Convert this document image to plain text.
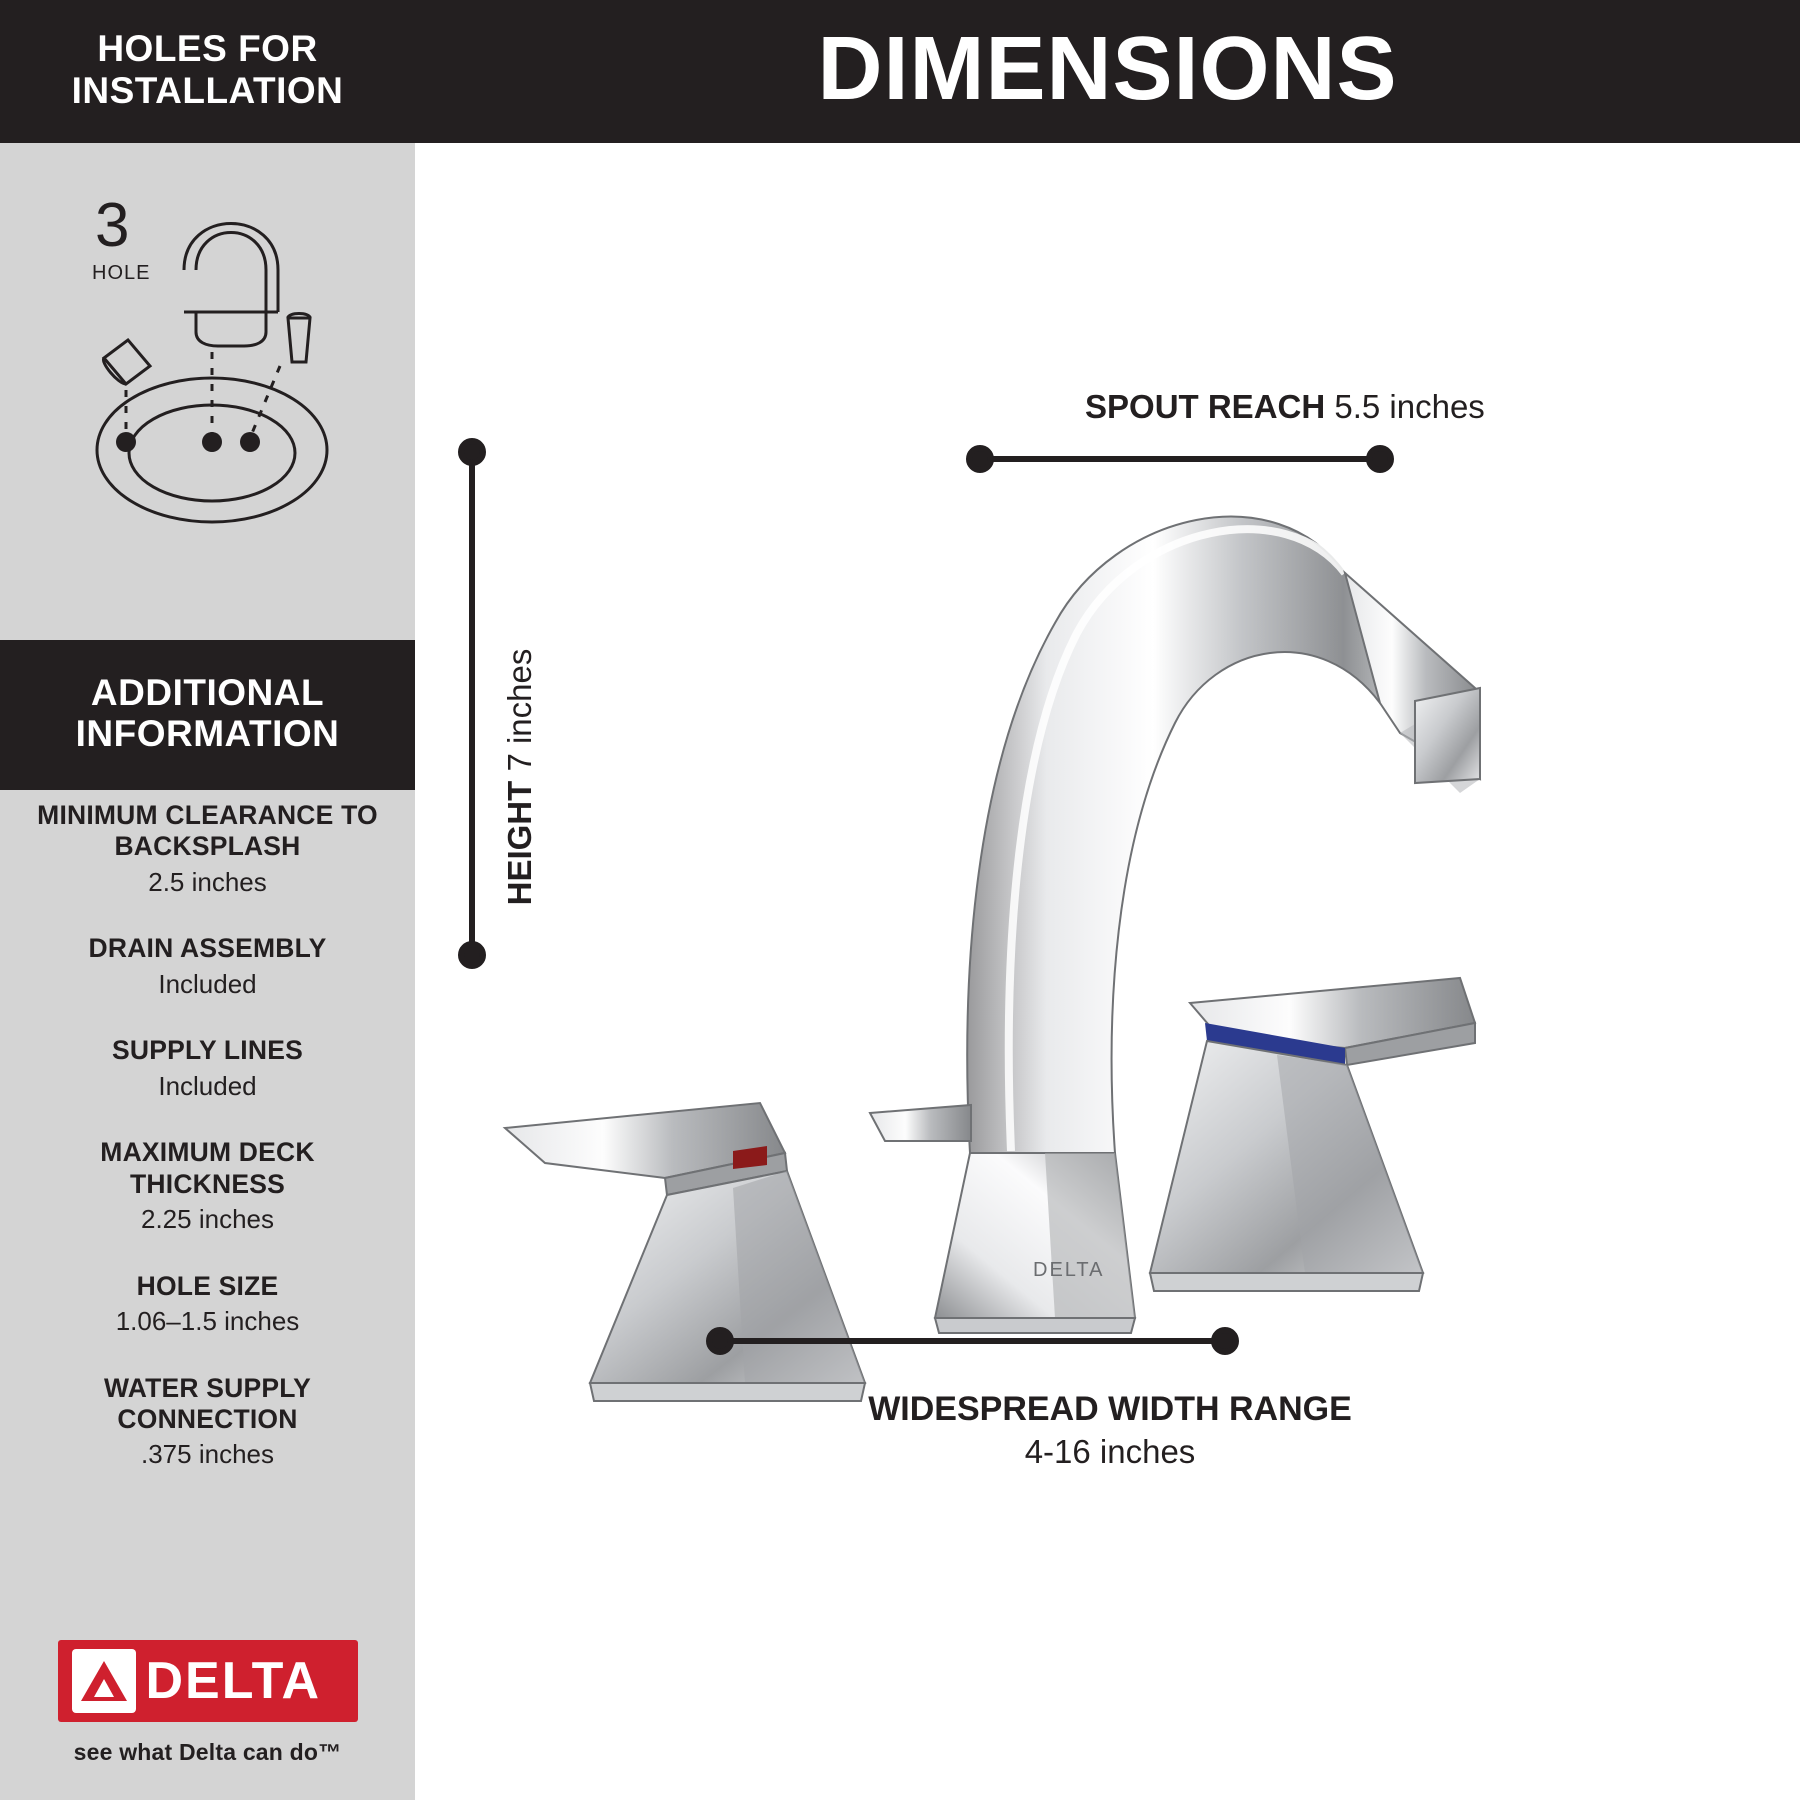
HOLES FOR
INSTALLATION
3
HOLE
ADDITIONAL
INFORMATION
MINIMUM CLEARANCE TO BACKSPLASH
2.5 inches
DRAIN ASSEMBLY
Included
SUPPLY LINES
Included
MAXIMUM DECK THICKNESS
2.25 inches
HOLE SIZE
1.06–1.5 inches
WATER SUPPLY CONNECTION
.375 inches
DELTA
see what Delta can do™
DIMENSIONS
DELTA
SPOUT REACH 5.5 inches
HEIGHT 7 inches
WIDESPREAD WIDTH RANGE
4-16 inches
